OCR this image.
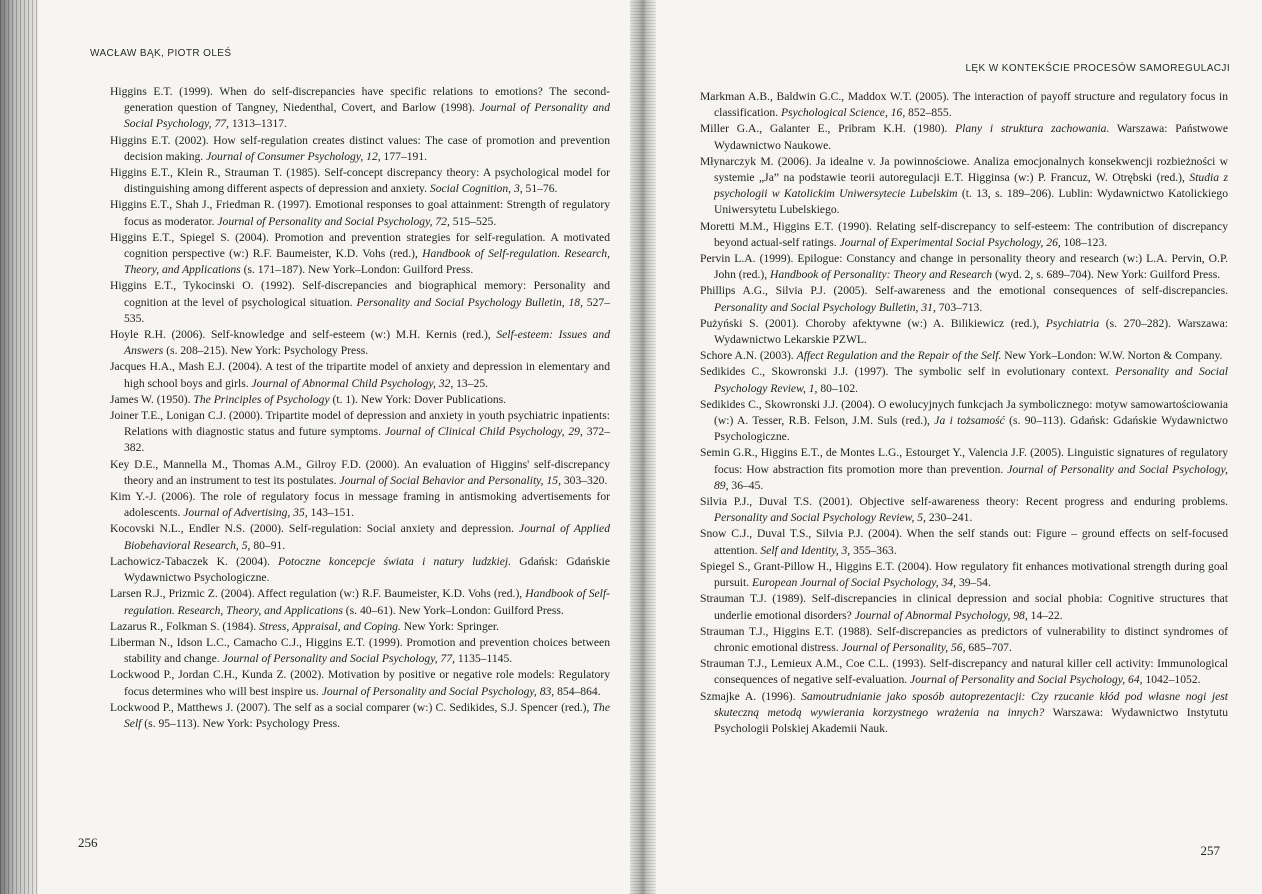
WACŁAW BĄK, PIOTR OLEŚ

Higgins E.T. (1999). When do self-discrepancies have specific relations to emotions? The second-generation question of Tangney, Niedenthal, Covert, and Barlow (1998). Journal of Personality and Social Psychology, 77, 1313–1317.

Higgins E.T. (2002). How self-regulation creates distinct values: The case of promotion and prevention decision making. Journal of Consumer Psychology, 12, 177–191.

Higgins E.T., Klein R., Strauman T. (1985). Self-concept discrepancy theory: A psychological model for distinguishing among different aspects of depression and anxiety. Social Cognition, 3, 51–76.

Higgins E.T., Shah J., Friedman R. (1997). Emotional responses to goal attainment: Strength of regulatory focus as moderator. Journal of Personality and Social Psychology, 72, 515–525.

Higgins E.T., Spiegel S. (2004). Promotion and prevention strategies for self-regulation. A motivated cognition perspective (w:) R.F. Baumeister, K.D. Vohs (red.), Handbook of Self-regulation. Research, Theory, and Applications (s. 171–187). New York–London: Guilford Press.

Higgins E.T., Tykocinski O. (1992). Self-discrepancies and biographical memory: Personality and cognition at the level of psychological situation. Personality and Social Psychology Bulletin, 18, 527–535.

Hoyle R.H. (2006). Self-knowledge and self-esteem (w:) M.H. Kernis (red.), Self-esteem: Issues and Answers (s. 208–215). New York: Psychology Press.

Jacques H.A., Mash E.J. (2004). A test of the tripartite model of anxiety and depression in elementary and high school boys and girls. Journal of Abnormal Child Psychology, 32, 13–25.

James W. (1950). The Principles of Psychology (t. 1). New York: Dover Publications.

Joiner T.E., Lonigan C.J. (2000). Tripartite model of depression and anxiety in youth psychiatric inpatients: Relations with diagnostic status and future symptoms. Journal of Clinical Child Psychology, 29, 372–382.

Key D.E., Mannella M., Thomas A.M., Gilroy F.D. (2000). An evaluation of Higgins' self-discrepancy theory and an instrument to test its postulates. Journal of Social Behavior and Personality, 15, 303–320.

Kim Y.-J. (2006). The role of regulatory focus in message framing in antismoking advertisements for adolescents. Journal of Advertising, 35, 143–151.

Kocovski N.L., Endler N.S. (2000). Self-regulation: Social anxiety and depression. Journal of Applied Biobehavioral Research, 5, 80–91.

Lachowicz-Tabaczek K. (2004). Potoczne koncepcje świata i natury ludzkiej. Gdańsk: Gdańskie Wydawnictwo Psychologiczne.

Larsen R.J., Prizmic Z. (2004). Affect regulation (w:) R.F. Baumeister, K.D. Vohs (red.), Handbook of Self-regulation. Research, Theory, and Applications (s. 40–61). New York–London: Guilford Press.

Lazarus R., Folkman S. (1984). Stress, Appraisal, and Coping. New York: Springer.

Liberman N., Idson L.C., Camacho C.J., Higgins E.T. (1999). Promotion and prevention choices between stability and change. Journal of Personality and Social Psychology, 77, 1135–1145.

Lockwood P., Jordan C.H., Kunda Z. (2002). Motivation by positive or negative role models: Regulatory focus determines who will best inspire us. Journal of Personality and Social Psychology, 83, 854–864.

Lockwood P., Matthews J. (2007). The self as a social comparer (w:) C. Sedikides, S.J. Spencer (red.), The Self (s. 95–113). New York: Psychology Press.

256
LĘK W KONTEKŚCIE PROCESÓW SAMOREGULACJI

Markman A.B., Baldwin G.C., Maddox W.T. (2005). The interaction of payoff structure and regulatory focus in classification. Psychological Science, 16, 852–855.

Miller G.A., Galanter E., Pribram K.H. (1980). Plany i struktura zachowania. Warszawa: Państwowe Wydawnictwo Naukowe.

Młynarczyk M. (2006). Ja idealne v. Ja powinnościowe. Analiza emocjonalnych konsekwencji rozbieżności w systemie „Ja” na podstawie teorii autoregulacji E.T. Higginsa (w:) P. Francuz, W. Otrębski (red.), Studia z psychologii w Katolickim Uniwersytecie Lubelskim (t. 13, s. 189–206). Lublin: Wydawnictwo Katolickiego Uniwersytetu Lubelskiego.

Moretti M.M., Higgins E.T. (1990). Relating self-discrepancy to self-esteem: The contribution of discrepancy beyond actual-self ratings. Journal of Experimental Social Psychology, 26, 108–123.

Pervin L.A. (1999). Epilogue: Constancy and change in personality theory and research (w:) L.A. Pervin, O.P. John (red.), Handbook of Personality: Theory and Research (wyd. 2, s. 689–704). New York: Guilford Press.

Phillips A.G., Silvia P.J. (2005). Self-awareness and the emotional consequences of self-discrepancies. Personality and Social Psychology Bulletin, 31, 703–713.

Pużyński S. (2001). Choroby afektywne (w:) A. Bilikiewicz (red.), Psychiatria (s. 270–282). Warszawa: Wydawnictwo Lekarskie PZWL.

Schore A.N. (2003). Affect Regulation and the Repair of the Self. New York–London: W.W. Norton & Company.

Sedikides C., Skowronski J.J. (1997). The symbolic self in evolutionary context. Personality and Social Psychology Review, 1, 80–102.

Sedikides C., Skowronski J.J. (2004). O ewolucyjnych funkcjach Ja symbolicznego: motyw samowartościowania (w:) A. Tesser, R.B. Felson, J.M. Suls (red.), Ja i tożsamość (s. 90–113). Gdańsk: Gdańskie Wydawnictwo Psychologiczne.

Semin G.R., Higgins E.T., de Montes L.G., Estourget Y., Valencia J.F. (2005). Linguistic signatures of regulatory focus: How abstraction fits promotion more than prevention. Journal of Personality and Social Psychology, 89, 36–45.

Silvia P.J., Duval T.S. (2001). Objective self-awareness theory: Recent progress and enduring problems. Personality and Social Psychology Review, 5, 230–241.

Snow C.J., Duval T.S., Silvia P.J. (2004). When the self stands out: Figure – ground effects on self-focused attention. Self and Identity, 3, 355–363.

Spiegel S., Grant-Pillow H., Higgins E.T. (2004). How regulatory fit enhances motivational strength during goal pursuit. European Journal of Social Psychology, 34, 39–54.

Strauman T.J. (1989). Self-discrepancies in clinical depression and social phobia: Cognitive structures that underlie emotional disorders? Journal of Abnormal Psychology, 98, 14–22.

Strauman T.J., Higgins E.T. (1988). Self-discrepancies as predictors of vulnerability to distinct syndromes of chronic emotional distress. Journal of Personality, 56, 685–707.

Strauman T.J., Lemieux A.M., Coe C.L. (1993). Self-discrepancy and natural killer cell activity: Immunological consequences of negative self-evaluation. Journal of Personality and Social Psychology, 64, 1042–1052.

Szmajke A. (1996). Samoutrudnianie jako sposób autoprezentacji: Czy rzucanie kłód pod własne nogi jest skuteczną metodą wywierania korzystnego wrażenia na innych? Warszawa: Wydawnictwo Instytutu Psychologii Polskiej Akademii Nauk.

257
